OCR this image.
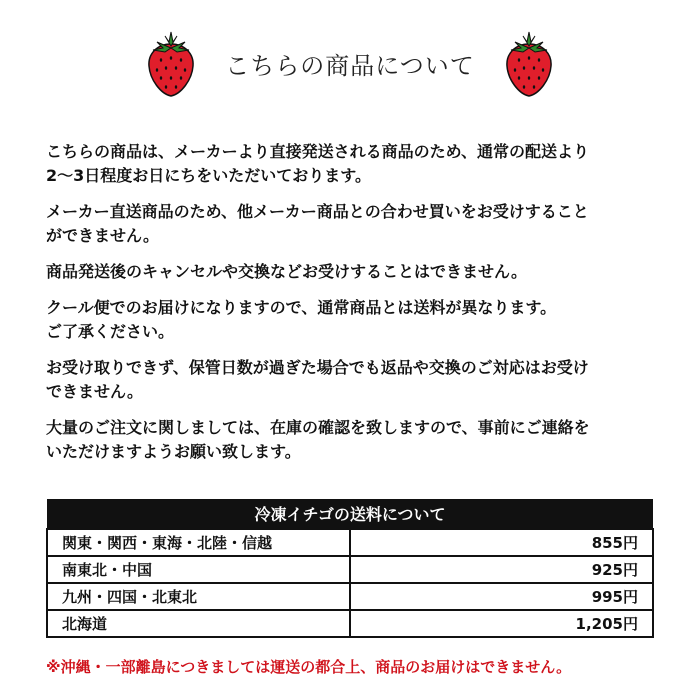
こちらの商品について

こちらの商品は、メーカーより直接発送される商品のため、通常の配送より
2〜3日程度お日にちをいただいております。

メーカー直送商品のため、他メーカー商品との合わせ買いをお受けすること
ができません。

商品発送後のキャンセルや交換などお受けすることはできません。

クール便でのお届けになりますので、通常商品とは送料が異なります。
ご了承ください。

お受け取りできず、保管日数が過ぎた場合でも返品や交換のご対応はお受け
できません。

大量のご注文に関しましては、在庫の確認を致しますので、事前にご連絡を
いただけますようお願い致します。

冷凍イチゴの送料について	
関東・関西・東海・北陸・信越	855円
南東北・中国	925円
九州・四国・北東北	995円
北海道	1,205円
※沖縄・一部離島につきましては運送の都合上、商品のお届けはできません。
